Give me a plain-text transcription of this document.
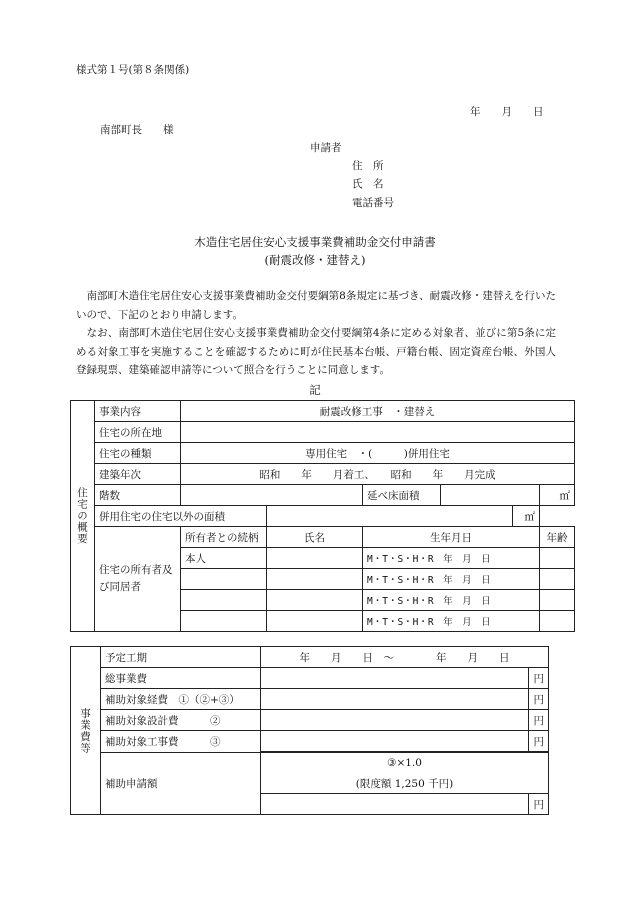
様式第１号(第８条関係)
年　　月　　日
南部町長　　様
申請者
住　所
氏　名
電話番号
木造住宅居住安心支援事業費補助金交付申請書
(耐震改修・建替え)

南部町木造住宅居住安心支援事業費補助金交付要綱第8条規定に基づき、耐震改修・建替えを行いたいので、下記のとおり申請します。

なお、南部町木造住宅居住安心支援事業費補助金交付要綱第4条に定める対象者、並びに第5条に定める対象工事を実施することを確認するために町が住民基本台帳、戸籍台帳、固定資産台帳、外国人登録現票、建築確認申請等について照合を行うことに同意します。

記
住宅の概要	事業内容	耐震改修工事　・建替え					
	住宅の所在地						
	住宅の種類	専用住宅　・(　　　)併用住宅					
	建築年次	昭和　　年　　月着工、　　昭和　　年　　月完成					
	階数			延べ床面積			㎡
	併用住宅の住宅以外の面積					㎡	
	住宅の所有者及び同居者	所有者との続柄	氏名	生年月日			年齢
		本人		M・T・S・H・R　年　月　日			
				M・T・S・H・R　年　月　日			
				M・T・S・H・R　年　月　日			
				M・T・S・H・R　年　月　日			
事業費等	予定工期	年　　月　　日　～　　　　年　　月　　日	
	総事業費		円
	補助対象経費　①（②+③）		円
	補助対象設計費　　　②		円
	補助対象工事費　　　③		円
	補助申請額	③×1.0	
		(限度額 1,250 千円)	
			円
